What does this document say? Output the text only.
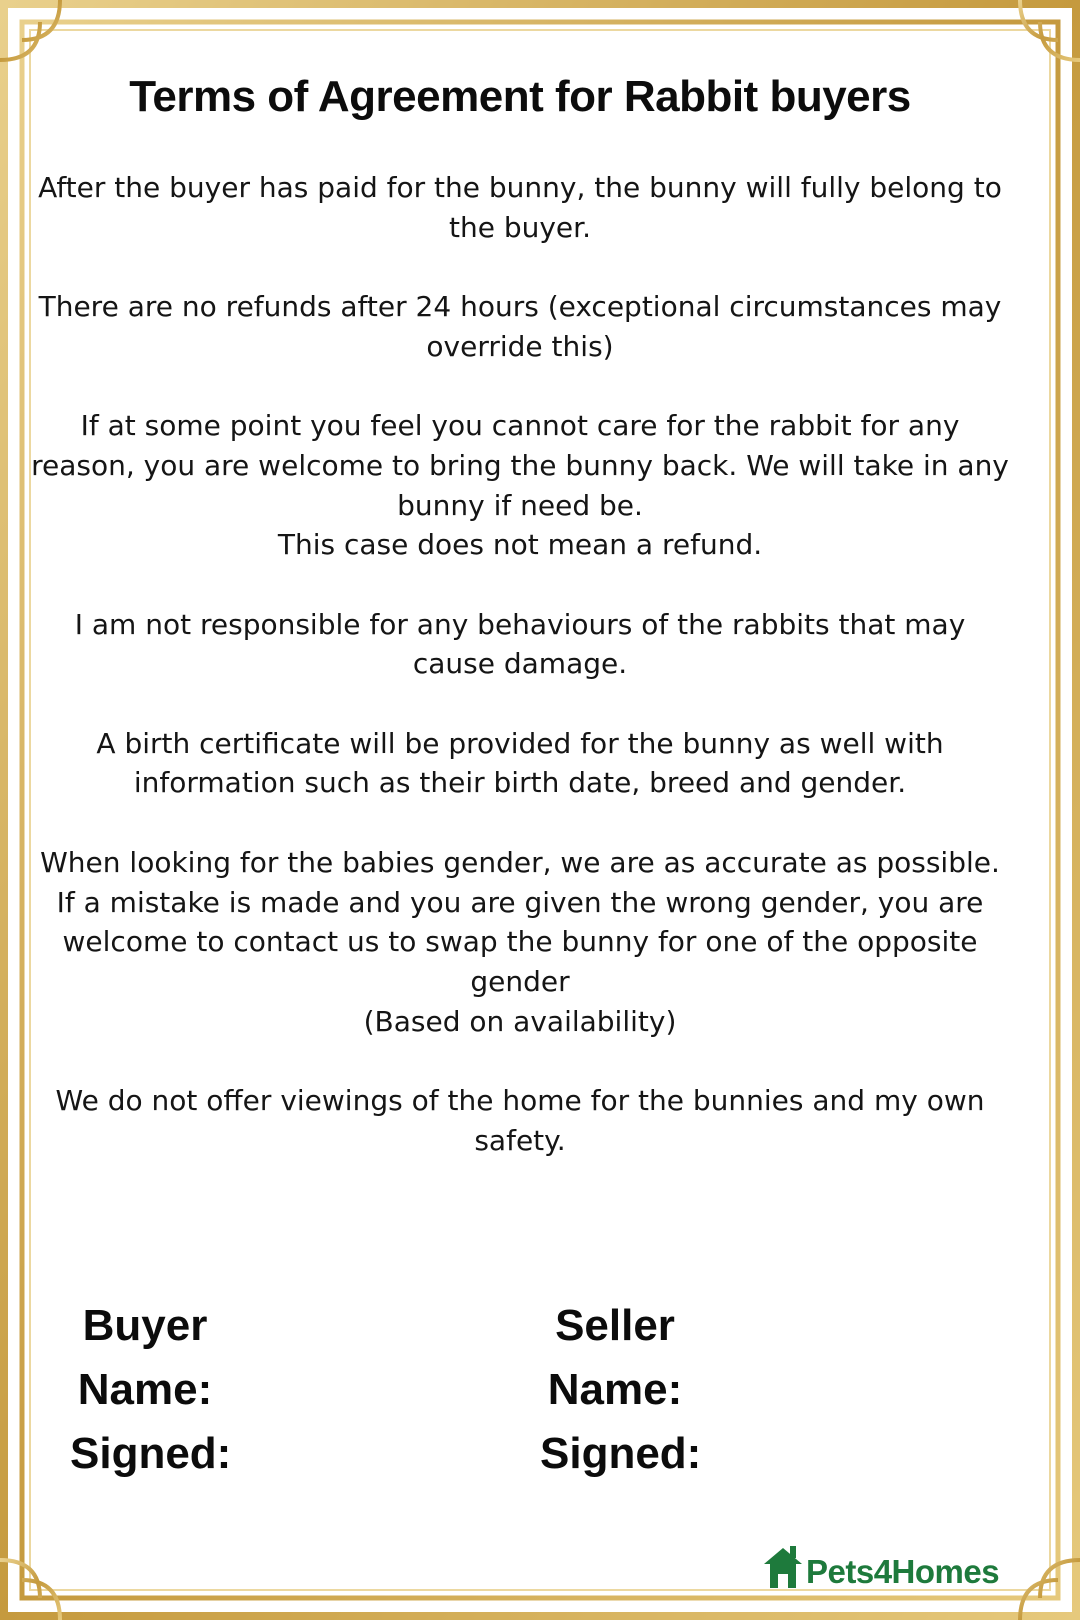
Terms of Agreement for Rabbit buyers

After the buyer has paid for the bunny, the bunny will fully belong to the buyer.

There are no refunds after 24 hours (exceptional circumstances may override this)

If at some point you feel you cannot care for the rabbit for any reason, you are welcome to bring the bunny back. We will take in any bunny if need be.
This case does not mean a refund.

I am not responsible for any behaviours of the rabbits that may cause damage.

A birth certificate will be provided for the bunny as well with information such as their birth date, breed and gender.

When looking for the babies gender, we are as accurate as possible.
If a mistake is made and you are given the wrong gender, you are welcome to contact us to swap the bunny for one of the opposite gender
(Based on availability)

We do not offer viewings of the home for the bunnies and my own safety.

Buyer
Name:
Signed:
Seller
Name:
Signed:
Pets4Homes
